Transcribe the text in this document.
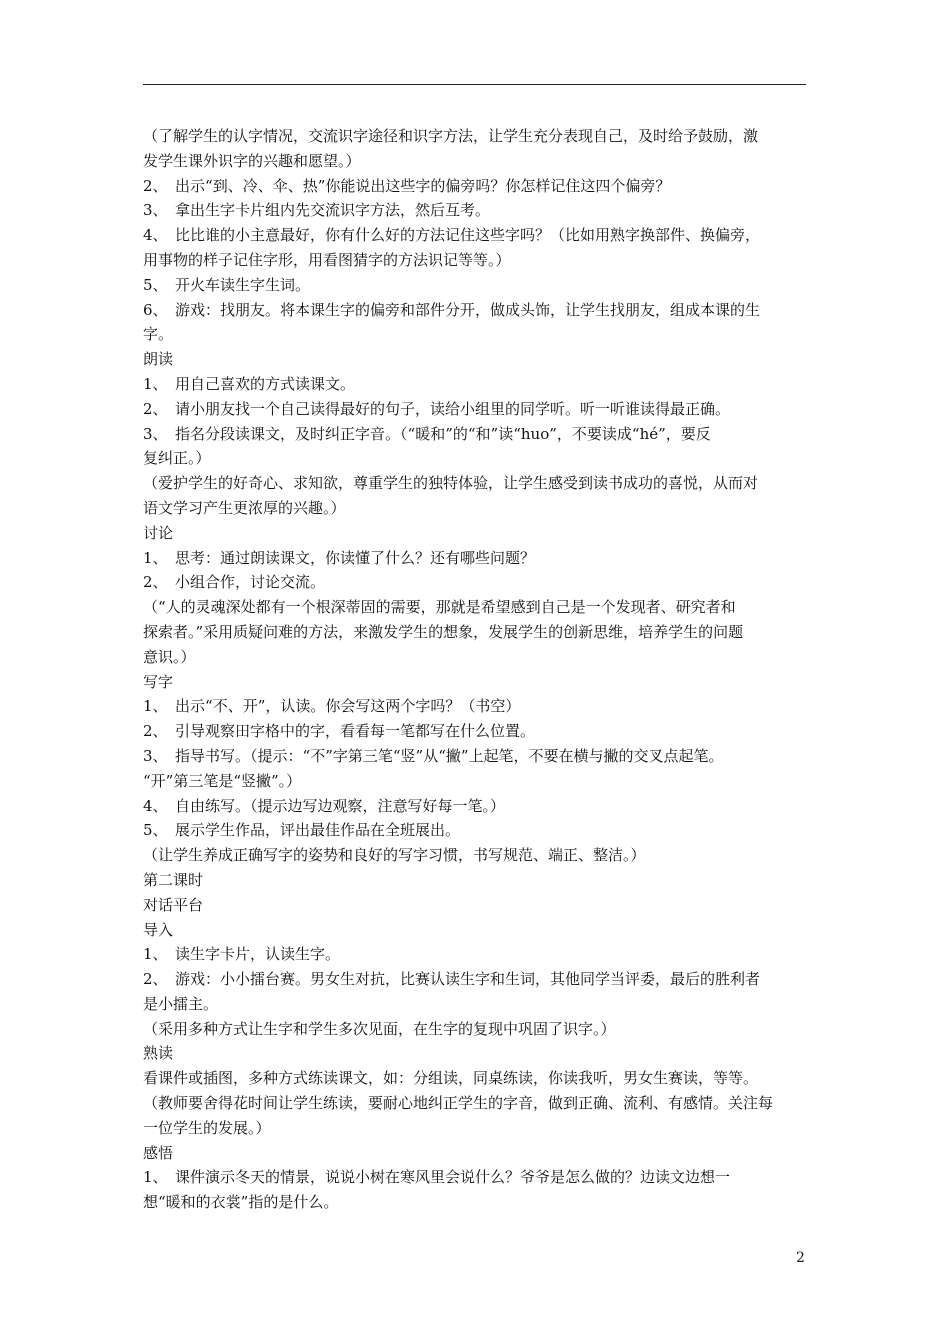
（了解学生的认字情况，交流识字途径和识字方法，让学生充分表现自己，及时给予鼓励，激
发学生课外识字的兴趣和愿望。）
2、　出示“到、冷、伞、热”你能说出这些字的偏旁吗？你怎样记住这四个偏旁？
3、　拿出生字卡片组内先交流识字方法，然后互考。
4、　比比谁的小主意最好，你有什么好的方法记住这些字吗？（比如用熟字换部件、换偏旁，
用事物的样子记住字形，用看图猜字的方法识记等等。）
5、　开火车读生字生词。
6、　游戏：找朋友。将本课生字的偏旁和部件分开，做成头饰，让学生找朋友，组成本课的生
字。
朗读
1、　用自己喜欢的方式读课文。
2、　请小朋友找一个自己读得最好的句子，读给小组里的同学听。听一听谁读得最正确。
3、　指名分段读课文，及时纠正字音。（“暖和”的“和”读“huo”，不要读成“hé”，要反
复纠正。）
（爱护学生的好奇心、求知欲，尊重学生的独特体验，让学生感受到读书成功的喜悦，从而对
语文学习产生更浓厚的兴趣。）
讨论
1、　思考：通过朗读课文，你读懂了什么？还有哪些问题？
2、　小组合作，讨论交流。
（“人的灵魂深处都有一个根深蒂固的需要，那就是希望感到自己是一个发现者、研究者和
探索者。”采用质疑问难的方法，来激发学生的想象，发展学生的创新思维，培养学生的问题
意识。）
写字
1、　出示“不、开”，认读。你会写这两个字吗？（书空）
2、　引导观察田字格中的字，看看每一笔都写在什么位置。
3、　指导书写。（提示：“不”字第三笔“竖”从“撇”上起笔，不要在横与撇的交叉点起笔。
“开”第三笔是“竖撇”。）
4、　自由练写。（提示边写边观察，注意写好每一笔。）
5、　展示学生作品，评出最佳作品在全班展出。
（让学生养成正确写字的姿势和良好的写字习惯，书写规范、端正、整洁。）
第二课时
对话平台
导入
1、　读生字卡片，认读生字。
2、　游戏：小小擂台赛。男女生对抗，比赛认读生字和生词，其他同学当评委，最后的胜利者
是小擂主。
（采用多种方式让生字和学生多次见面，在生字的复现中巩固了识字。）
熟读
看课件或插图，多种方式练读课文，如：分组读，同桌练读，你读我听，男女生赛读，等等。
（教师要舍得花时间让学生练读，要耐心地纠正学生的字音，做到正确、流利、有感情。关注每
一位学生的发展。）
感悟
1、　课件演示冬天的情景，说说小树在寒风里会说什么？爷爷是怎么做的？边读文边想一
想“暖和的衣裳”指的是什么。
2
